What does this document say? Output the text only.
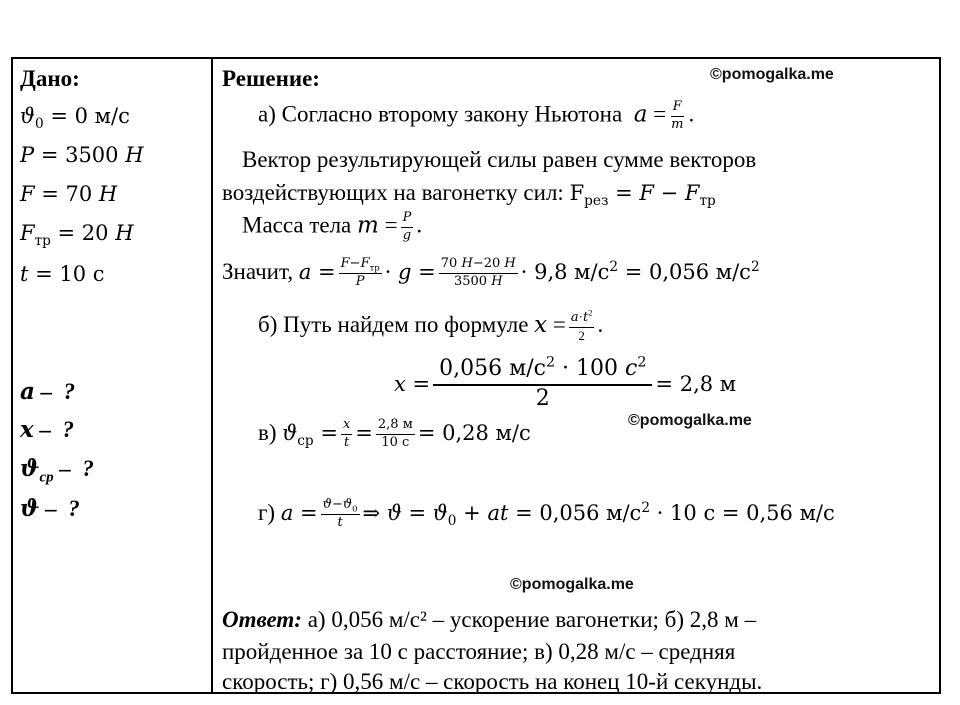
Дано:
$ϑ_0 = 0$ м/с
P = 3500 H
F = 70 H
$F_{тр} = 20$ H
t = 10 с
a –  ?
x –  ?
$ϑ_{ср}$ –  ?
ϑ –  ?
Решение:	©pomogalka.me
а) Согласно второму закону Ньютона $a = \frac{F}{m}$ .
Вектор результирующей силы равен сумме векторов
воздействующих на вагонетку сил: $F_{рез} = F - F_{тр}$
Масса тела $m = \frac{P}{g}$ .
Значит, $a = \frac{F-F_{тр}}{P} \cdot g = \frac{70 H-20 H}{3500 H} \cdot 9,8$ $м/с^2 = 0,056$ $м/с^2$
б) Путь найдем по формуле $x = \frac{a\cdot t^2}{2}$ .
$x = \frac{0,056 м/с^2 \cdot 100 c^2}{2} = 2,8$ м
©pomogalka.me
в) $ϑ_{ср} = \frac{x}{t} = \frac{2,8 м}{10 с} = 0,28$ м/с
г) $a = \frac{ϑ-ϑ_0}{t}$ ⇒ $ϑ = ϑ_0$ + at = 0,056 $м/с^2 \cdot 10$ с = 0,56 м/с
©pomogalka.me
Ответ: а) 0,056 м/с² – ускорение вагонетки; б) 2,8 м –
пройденное за 10 с расстояние; в) 0,28 м/с – средняя
скорость; г) 0,56 м/с – скорость на конец 10-й секунды.
